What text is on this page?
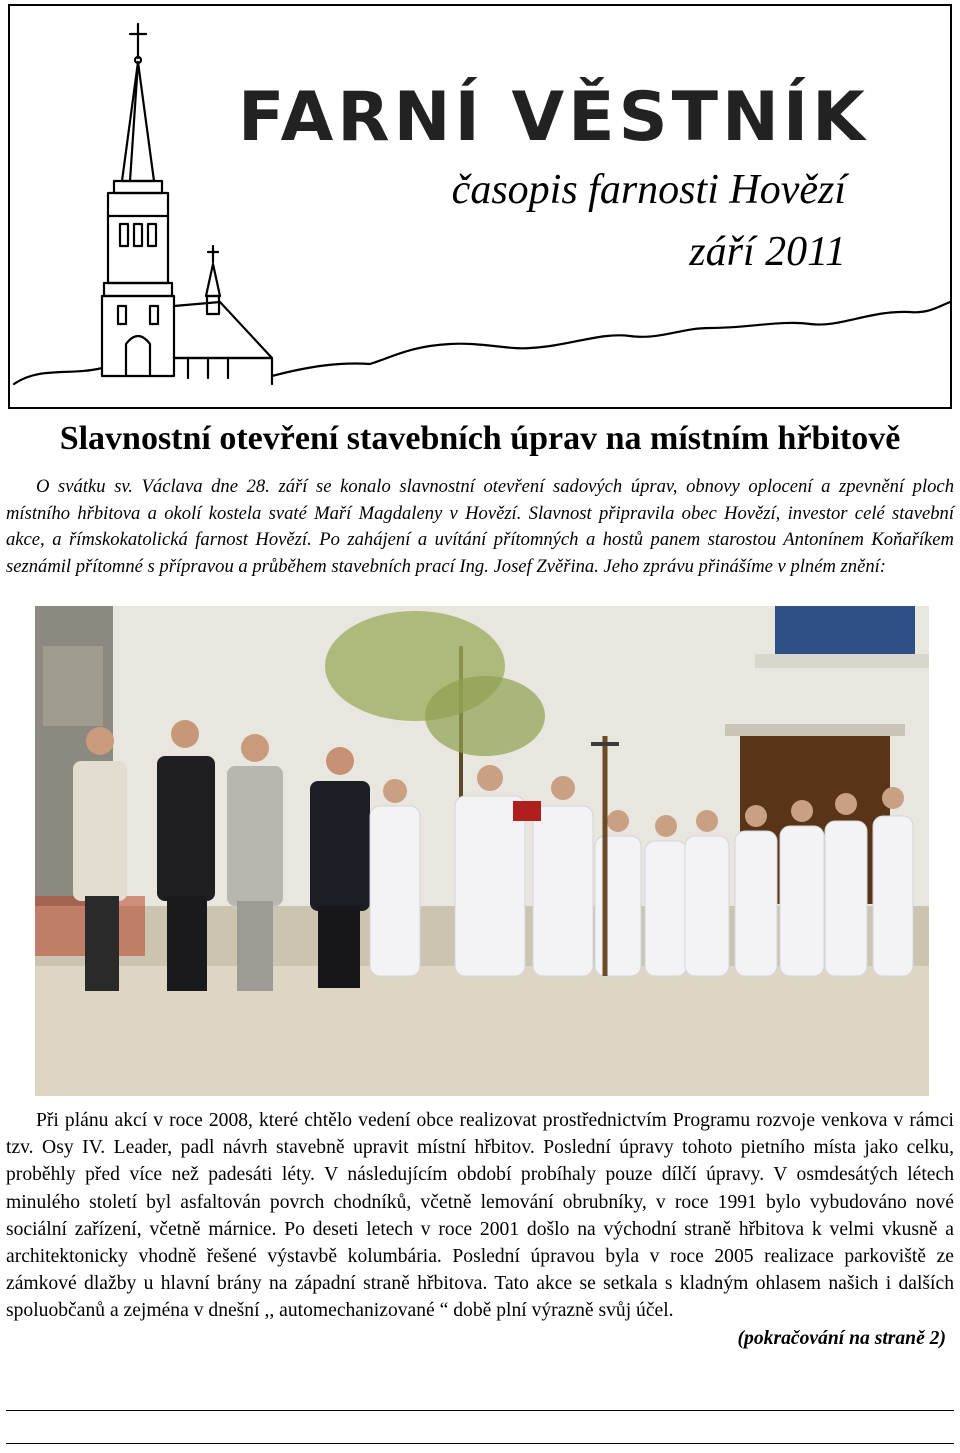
FARNÍ VĚSTNÍK
časopis farnosti Hovězí
září 2011
Slavnostní otevření stavebních úprav na místním hřbitově

O svátku sv. Václava dne 28. září se konalo slavnostní otevření sadových úprav, obnovy oplocení a zpevnění ploch místního hřbitova a okolí kostela svaté Maří Magdaleny v Hovězí. Slavnost připravila obec Hovězí, investor celé stavební akce, a římskokatolická farnost Hovězí. Po zahájení a uvítání přítomných a hostů panem starostou Antonínem Koňaříkem seznámil přítomné s přípravou a průběhem stavebních prací Ing. Josef Zvěřina. Jeho zprávu přinášíme v plném znění:

Při plánu akcí v roce 2008, které chtělo vedení obce realizovat prostřednictvím Programu rozvoje venkova v rámci tzv. Osy IV. Leader, padl návrh stavebně upravit místní hřbitov. Poslední úpravy tohoto pietního místa jako celku, proběhly před více než padesáti léty. V následujícím období probíhaly pouze dílčí úpravy. V osmdesátých létech minulého století byl asfaltován povrch chodníků, včetně lemování obrubníky, v roce 1991 bylo vybudováno nové sociální zařízení, včetně márnice. Po deseti letech v roce 2001 došlo na východní straně hřbitova k velmi vkusně a architektonicky vhodně řešené výstavbě kolumbária. Poslední úpravou byla v roce 2005 realizace parkoviště ze zámkové dlažby u hlavní brány na západní straně hřbitova. Tato akce se setkala s kladným ohlasem našich i dalších spoluobčanů a zejména v dnešní ,, automechanizované “ době plní výrazně svůj účel.
(pokračování na straně 2)
